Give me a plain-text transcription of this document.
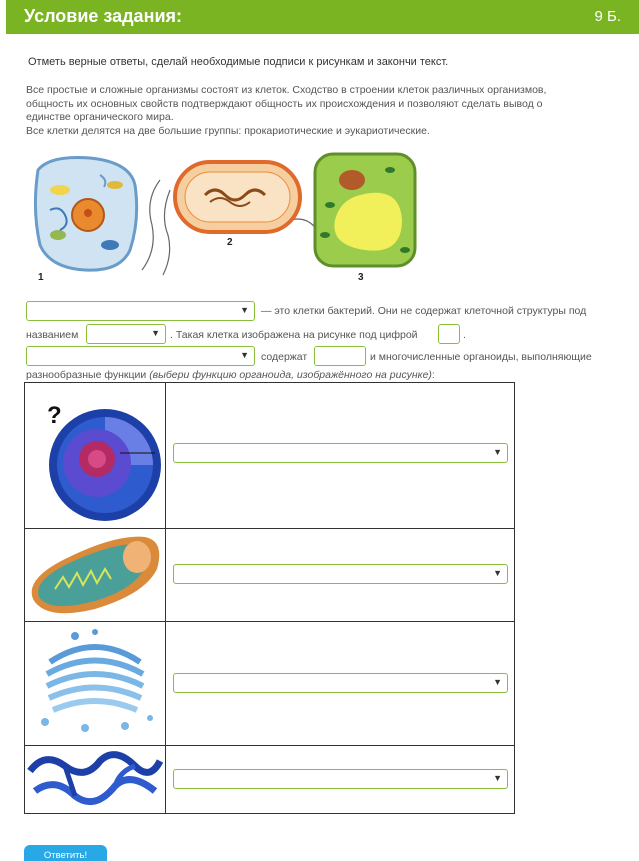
Условие задания:	9 Б.
Отметь верные ответы, сделай необходимые подписи к рисункам и закончи текст.
Все простые и сложные организмы состоят из клеток. Сходство в строении клеток различных организмов,
общность их основных свойств подтверждают общность их происхождения и позволяют сделать вывод о
единстве органического мира.
Все клетки делятся на две большие группы: прокариотические и эукариотические.
1
2
3
▼ — это клетки бактерий. Они не содержат клеточной структуры под
названием	▼ . Такая клетка изображена на рисунке под цифрой	.
▼ содержат	и многочисленные органоиды, выполняющие
разнообразные функции (выбери функцию органоида, изображённого на рисунке):
?
▼
▼
▼
▼
Ответить!
